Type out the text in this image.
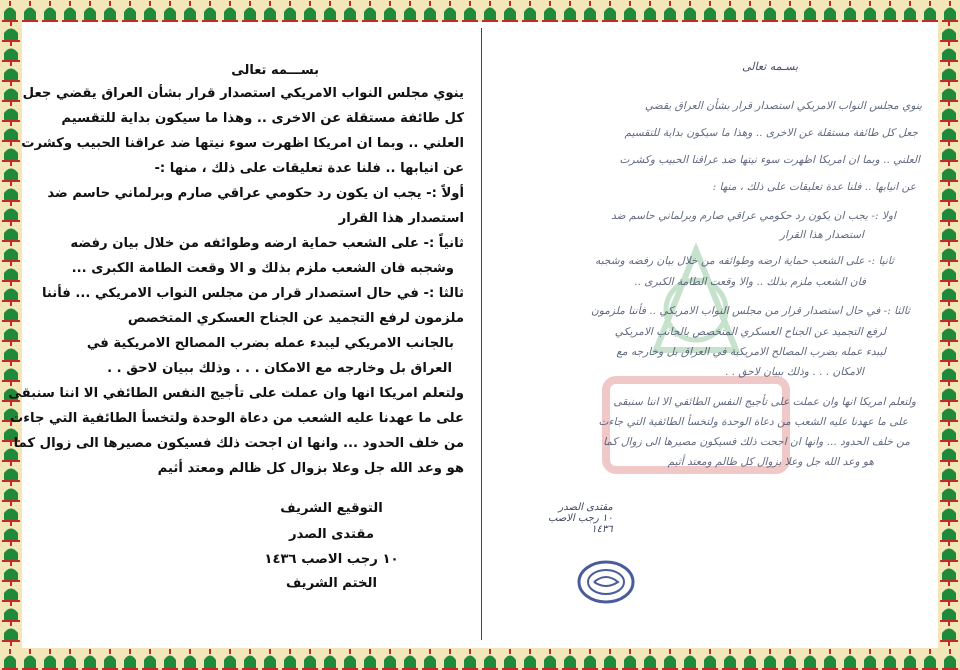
بســـمه تعالى
ينوي مجلس النواب الامريكي استصدار قرار بشأن العراق يقضي جعل
كل طائفة مستقلة عن الاخرى .. وهذا ما سيكون بداية للتقسيم
العلني .. وبما ان امريكا اظهرت سوء نيتها ضد عراقنا الحبيب وكشرت
عن انيابها .. فلنا عدة تعليقات على ذلك ، منها :-
أولاً :- يجب ان يكون رد حكومي عراقي صارم وبرلماني حاسم ضد
استصدار هذا القرار
ثانياً :- على الشعب حماية ارضه وطوائفه من خلال بيان رفضه
وشجبه فان الشعب ملزم بذلك و الا وقعت الطامة الكبرى ...
ثالثا :- في حال استصدار قرار من مجلس النواب الامريكي ... فأننا
ملزمون لرفع التجميد عن الجناح العسكري المتخصص
بالجانب الامريكي ليبدء عمله بضرب المصالح الامريكية في
العراق بل وخارجه مع الامكان . . . وذلك ببيان لاحق . .
ولتعلم امريكا انها وان عملت على تأجيج النفس الطائفي الا اننا سنبقى
على ما عهدنا عليه الشعب من دعاة الوحدة ولتخسأ الطائفية التي جاءت
من خلف الحدود ... وانها ان اجحت ذلك فسيكون مصيرها الى زوال كما
هو وعد الله جل وعلا بزوال كل ظالم ومعتد أثيم
التوقيع الشريف
مقتدى الصدر
١٠ رجب الاصب ١٤٣٦
الختم الشريف
بسـمه تعالى
ينوي مجلس النواب الامريكي استصدار قرار بشأن العراق يقضي
جعل كل طائفة مستقلة عن الاخرى .. وهذا ما سيكون بداية للتقسيم
العلني .. وبما ان امريكا اظهرت سوء نيتها ضد عراقنا الحبيب وكشرت
عن انيابها .. فلنا عدة تعليقات على ذلك ، منها :
اولا :- يجب ان يكون رد حكومي عراقي صارم وبرلماني حاسم ضد
استصدار هذا القرار
ثانيا :- على الشعب حماية ارضه وطوائفه من خلال بيان رفضه وشجبه
فان الشعب ملزم بذلك .. والا وقعت الطامة الكبرى ..
ثالثا :- في حال استصدار قرار من مجلس النواب الامريكي .. فأننا ملزمون
لرفع التجميد عن الجناح العسكري المتخصص بالجانب الامريكي
ليبدء عمله بضرب المصالح الامريكية في العراق بل وخارجه مع
الامكان . . . وذلك ببيان لاحق . .
ولتعلم امريكا انها وان عملت على تأجيج النفس الطائفي الا اننا سنبقى
على ما عهدنا عليه الشعب من دعاة الوحدة ولتخسأ الطائفية التي جاءت
من خلف الحدود ... وانها ان اجحت ذلك فسيكون مصيرها الى زوال كما
هو وعد الله جل وعلا بزوال كل ظالم ومعتد أثيم
مقتدى الصدر
١٠ رجب الاصب
١٤٣٦
